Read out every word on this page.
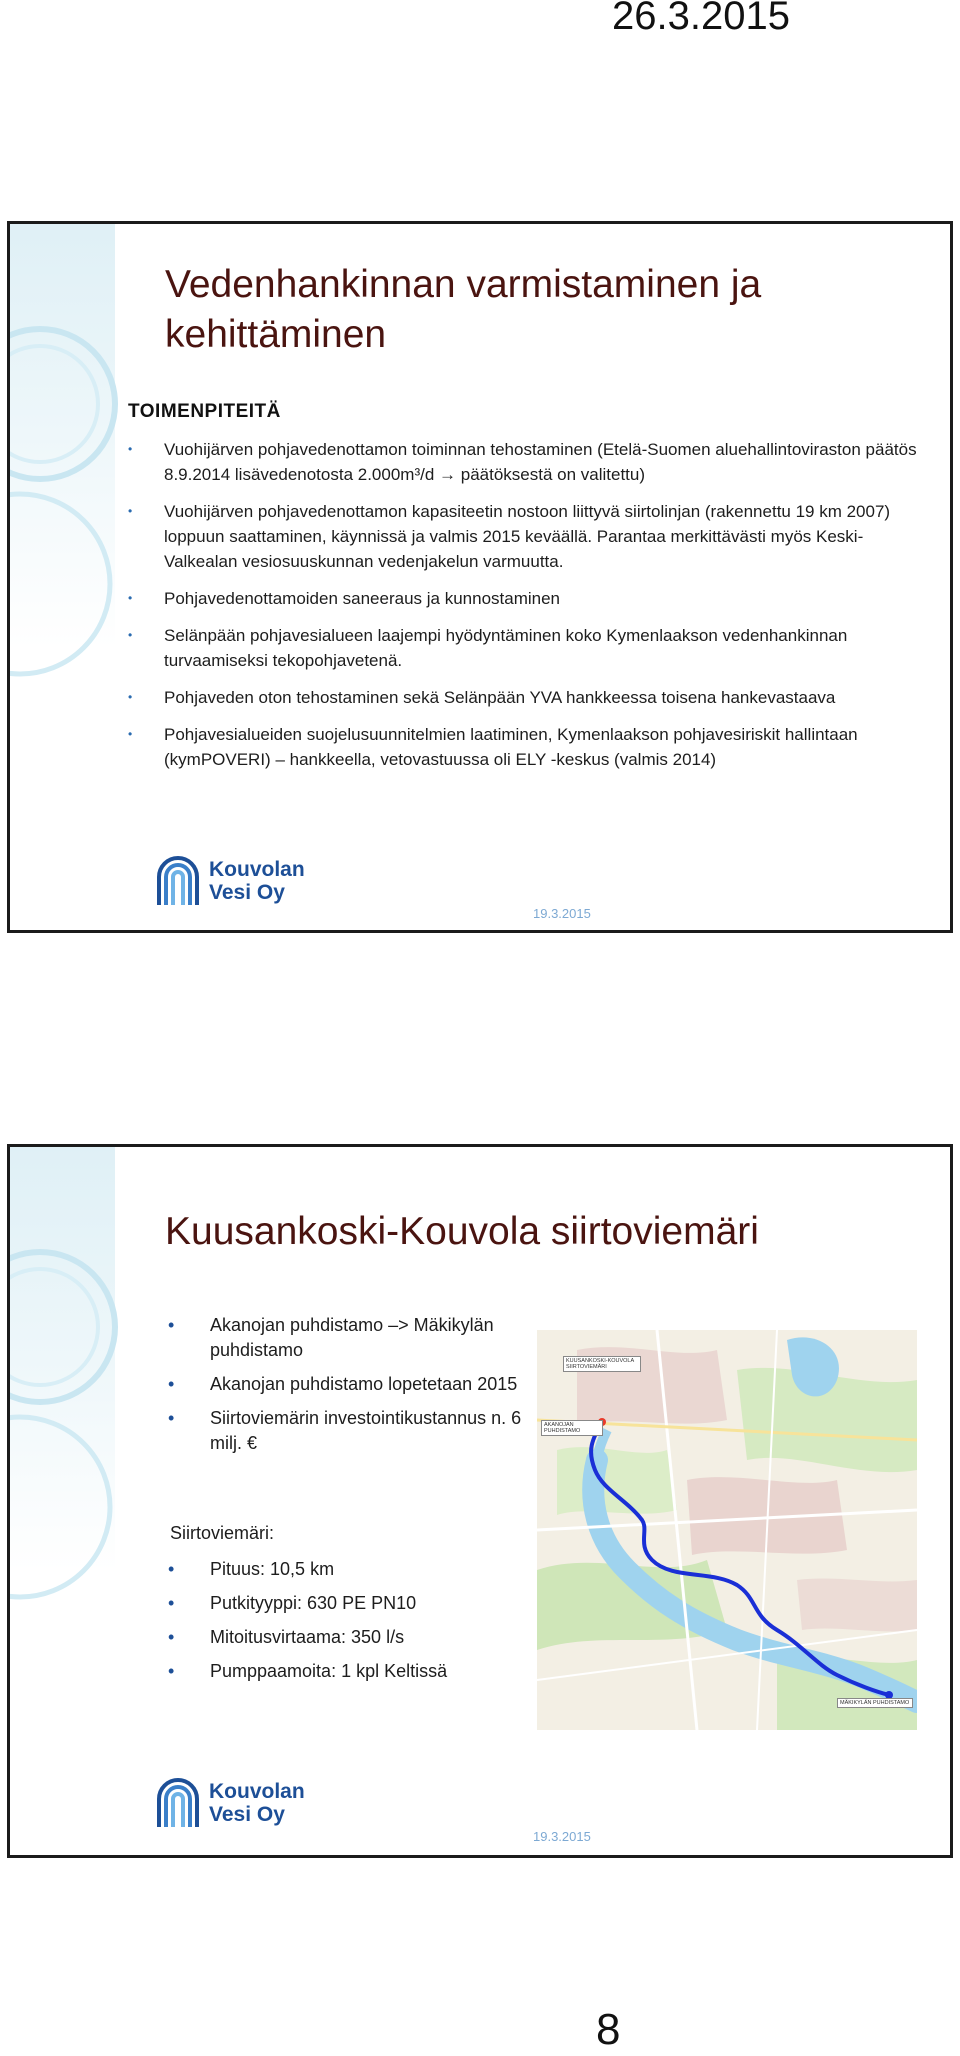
26.3.2015
Vedenhankinnan varmistaminen ja kehittäminen
TOIMENPITEITÄ
• Vuohijärven pohjavedenottamon toiminnan tehostaminen (Etelä-Suomen aluehallintoviraston päätös 8.9.2014 lisävedenotosta 2.000m³/d → päätöksestä on valitettu)
• Vuohijärven pohjavedenottamon kapasiteetin nostoon liittyvä siirtolinjan (rakennettu 19 km 2007) loppuun saattaminen, käynnissä ja valmis 2015 keväällä. Parantaa merkittävästi myös Keski-Valkealan vesiosuuskunnan vedenjakelun varmuutta.
• Pohjavedenottamoiden saneeraus ja kunnostaminen
• Selänpään pohjavesialueen laajempi hyödyntäminen koko Kymenlaakson vedenhankinnan turvaamiseksi tekopohjavetenä.
• Pohjaveden oton tehostaminen sekä Selänpään YVA hankkeessa toisena hankevastaava
• Pohjavesialueiden suojelusuunnitelmien laatiminen, Kymenlaakson pohjavesiriskit hallintaan (kymPOVERI) – hankkeella, vetovastuussa oli ELY -keskus (valmis 2014)
Kouvolan
Vesi Oy
19.3.2015
Kuusankoski-Kouvola siirtoviemäri
• Akanojan puhdistamo –> Mäkikylän puhdistamo
• Akanojan puhdistamo lopetetaan 2015
• Siirtoviemärin investointikustannus n. 6 milj. €
Siirtoviemäri:
• Pituus: 10,5 km
• Putkityyppi: 630 PE PN10
• Mitoitusvirtaama: 350 l/s
• Pumppaamoita: 1 kpl Keltissä
KUUSANKOSKI-KOUVOLA SIIRTOVIEMÄRI
AKANOJAN PUHDISTAMO
MÄKIKYLÄN PUHDISTAMO
Kouvolan
Vesi Oy
19.3.2015
8
